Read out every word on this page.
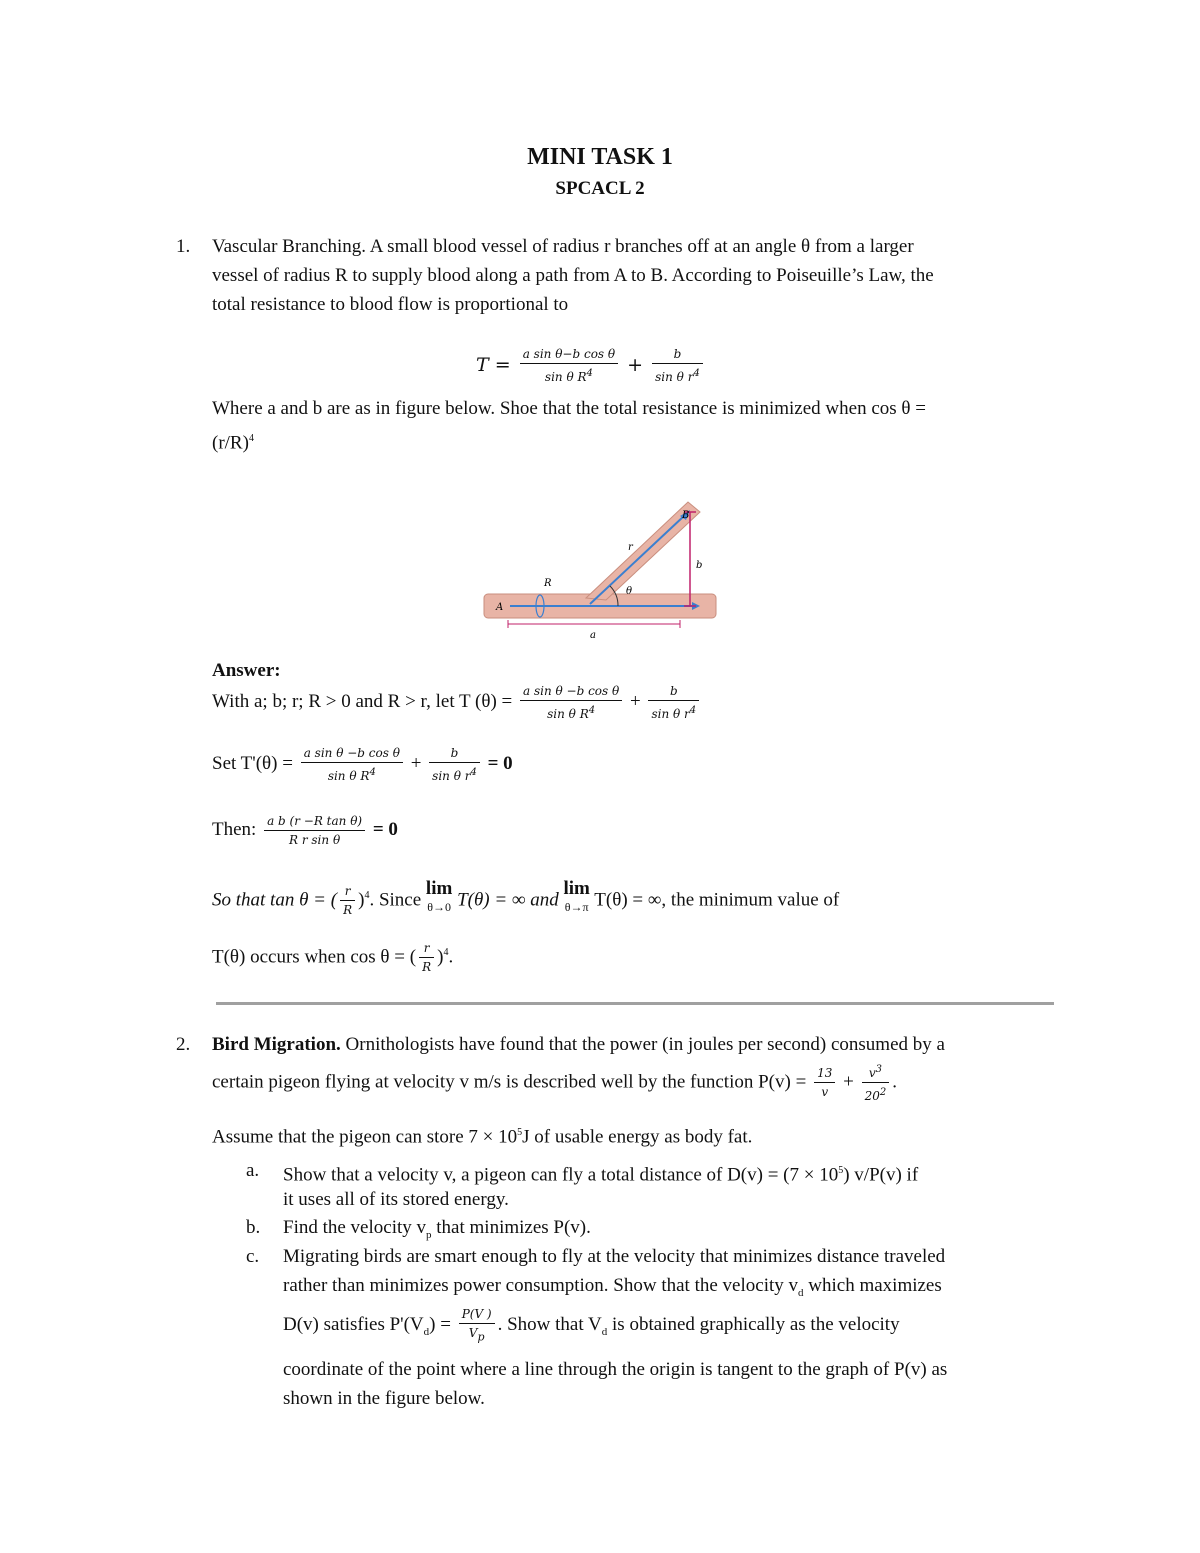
MINI TASK 1
SPCACL 2
1. Vascular Branching. A small blood vessel of radius r branches off at an angle θ from a larger
vessel of radius R to supply blood along a path from A to B. According to Poiseuille’s Law, the
total resistance to blood flow is proportional to
$T = \frac{\text{a sin θ−b cos θ}}{\sin \theta R^4} + \frac{b}{\sin \theta r^4}$
Where a and b are as in figure below. Shoe that the total resistance is minimized when cos θ =
$(r/R)^4$
A
B
R
r
θ
a
b
Answer:
With a; b; r; R > 0 and R > r, let T $(\theta) = \frac{\text{a sin θ −b cos θ}}{\sin \theta R^4} + \frac{b}{\sin \theta r^4}$
Set $T'(\theta) = \frac{\text{a sin θ −b cos θ}}{\sin \theta R^4} + \frac{b}{\sin \theta r^4} = 0$
Then: $\frac{\text{a b (r −R tan θ)}}{\text{R r sin θ}} = 0$
So that tan θ = ( $\frac{r}{R} )^4$. Since lim
θ→0 T(θ) = ∞ and lim
θ→π T(θ) = ∞, the minimum value of
T(θ) occurs when cos θ = ( $\frac{r}{R} )^4$.
2. Bird Migration. Ornithologists have found that the power (in joules per second) consumed by a
certain pigeon flying at velocity v m/s is described well by the function $P(v) = \frac{13}{v} + \frac{v^3}{20^2}$ .
Assume that the pigeon can store $7 \times 10^5J$ of usable energy as body fat.
a. Show that a velocity v, a pigeon can fly a total distance of $D(v) = (7 \times 10^5)$ v/P(v) if
it uses all of its stored energy.
b. Find the velocity $v_p$ that minimizes P(v).
c. Migrating birds are smart enough to fly at the velocity that minimizes distance traveled
rather than minimizes power consumption. Show that the velocity $v_d$ which maximizes
D(v) satisfies $P'(V_d) = \frac{P(V )}{V_p}$ . Show that $V_d$ is obtained graphically as the velocity
coordinate of the point where a line through the origin is tangent to the graph of P(v) as
shown in the figure below.
